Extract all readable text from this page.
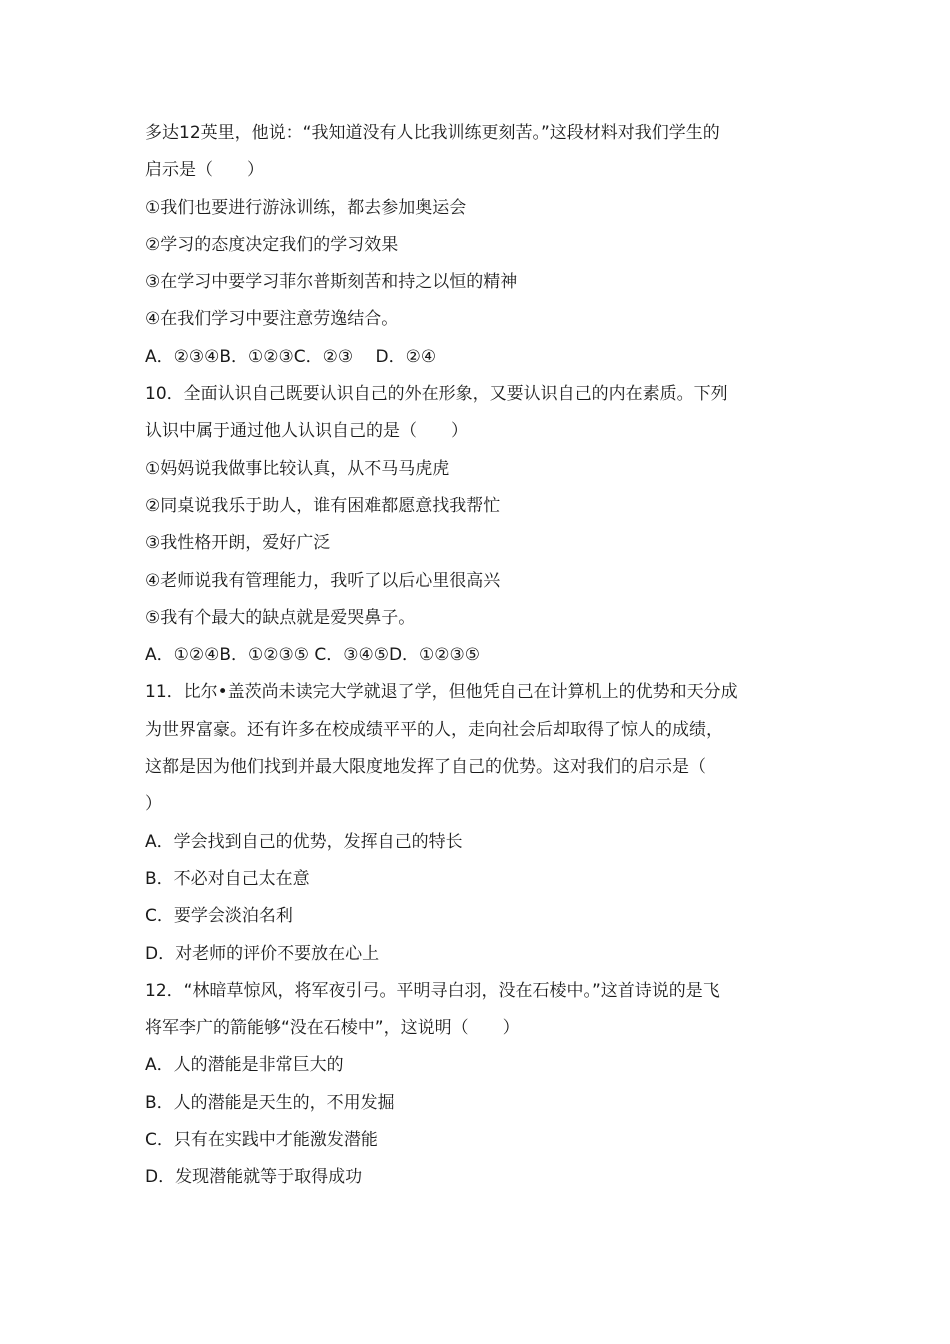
多达12英里，他说：“我知道没有人比我训练更刻苦。”这段材料对我们学生的
启示是（　　）
①我们也要进行游泳训练，都去参加奥运会
②学习的态度决定我们的学习效果
③在学习中要学习菲尔普斯刻苦和持之以恒的精神
④在我们学习中要注意劳逸结合。
A．②③④B．①②③C．②③　 D．②④
10．全面认识自己既要认识自己的外在形象，又要认识自己的内在素质。下列
认识中属于通过他人认识自己的是（　　）
①妈妈说我做事比较认真，从不马马虎虎
②同桌说我乐于助人，谁有困难都愿意找我帮忙
③我性格开朗，爱好广泛
④老师说我有管理能力，我听了以后心里很高兴
⑤我有个最大的缺点就是爱哭鼻子。
A．①②④B．①②③⑤ C．③④⑤D．①②③⑤
11．比尔•盖茨尚未读完大学就退了学，但他凭自己在计算机上的优势和天分成
为世界富豪。还有许多在校成绩平平的人，走向社会后却取得了惊人的成绩，
这都是因为他们找到并最大限度地发挥了自己的优势。这对我们的启示是（
）
A．学会找到自己的优势，发挥自己的特长
B．不必对自己太在意
C．要学会淡泊名利
D．对老师的评价不要放在心上
12．“林暗草惊风，将军夜引弓。平明寻白羽，没在石棱中。”这首诗说的是飞
将军李广的箭能够“没在石棱中”，这说明（　　）
A．人的潜能是非常巨大的
B．人的潜能是天生的，不用发掘
C．只有在实践中才能激发潜能
D．发现潜能就等于取得成功
